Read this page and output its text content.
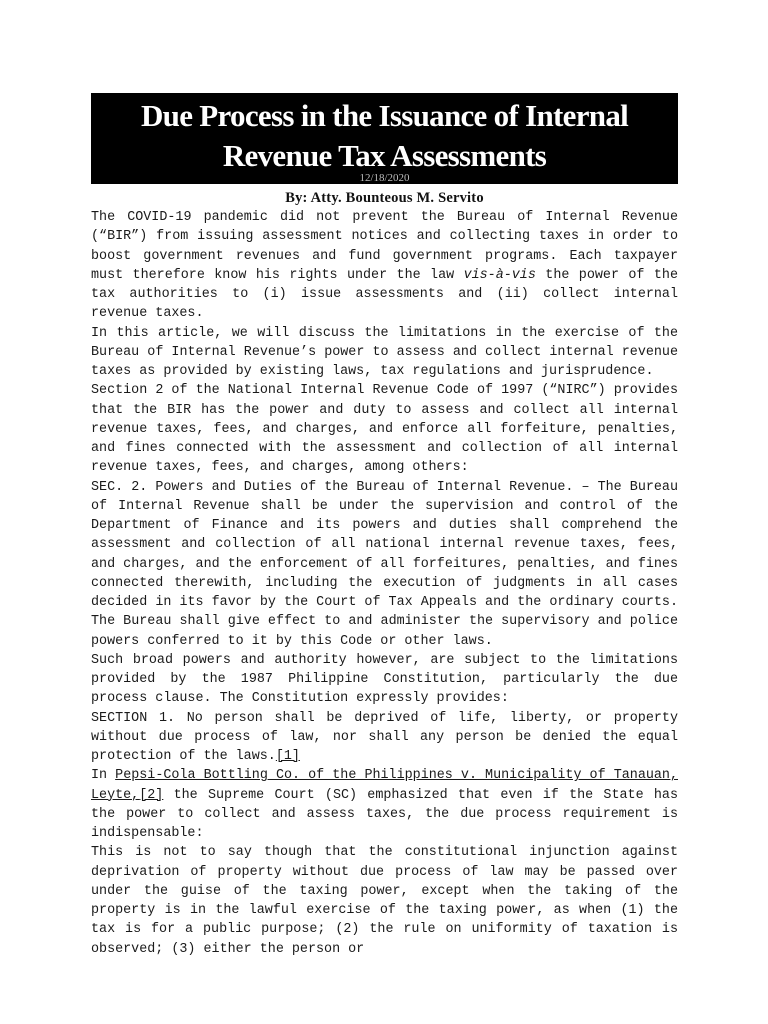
Due Process in the Issuance of Internal
Revenue Tax Assessments
12/18/2020
By: Atty. Bounteous M. Servito

The COVID-19 pandemic did not prevent the Bureau of Internal Revenue (“BIR”) from issuing assessment notices and collecting taxes in order to boost government revenues and fund government programs. Each taxpayer must therefore know his rights under the law vis-à-vis the power of the tax authorities to (i) issue assessments and (ii) collect internal revenue taxes.

In this article, we will discuss the limitations in the exercise of the Bureau of Internal Revenue’s power to assess and collect internal revenue taxes as provided by existing laws, tax regulations and jurisprudence.

Section 2 of the National Internal Revenue Code of 1997 (“NIRC”) provides that the BIR has the power and duty to assess and collect all internal revenue taxes, fees, and charges, and enforce all forfeiture, penalties, and fines connected with the assessment and collection of all internal revenue taxes, fees, and charges, among others:

SEC. 2. Powers and Duties of the Bureau of Internal Revenue. – The Bureau of Internal Revenue shall be under the supervision and control of the Department of Finance and its powers and duties shall comprehend the assessment and collection of all national internal revenue taxes, fees, and charges, and the enforcement of all forfeitures, penalties, and fines connected therewith, including the execution of judgments in all cases decided in its favor by the Court of Tax Appeals and the ordinary courts. The Bureau shall give effect to and administer the supervisory and police powers conferred to it by this Code or other laws.

Such broad powers and authority however, are subject to the limitations provided by the 1987 Philippine Constitution, particularly the due process clause. The Constitution expressly provides:

SECTION 1. No person shall be deprived of life, liberty, or property without due process of law, nor shall any person be denied the equal protection of the laws.[1]

In Pepsi-Cola Bottling Co. of the Philippines v. Municipality of Tanauan, Leyte,[2] the Supreme Court (SC) emphasized that even if the State has the power to collect and assess taxes, the due process requirement is indispensable:

This is not to say though that the constitutional injunction against deprivation of property without due process of law may be passed over under the guise of the taxing power, except when the taking of the property is in the lawful exercise of the taxing power, as when (1) the tax is for a public purpose; (2) the rule on uniformity of taxation is observed; (3) either the person or
